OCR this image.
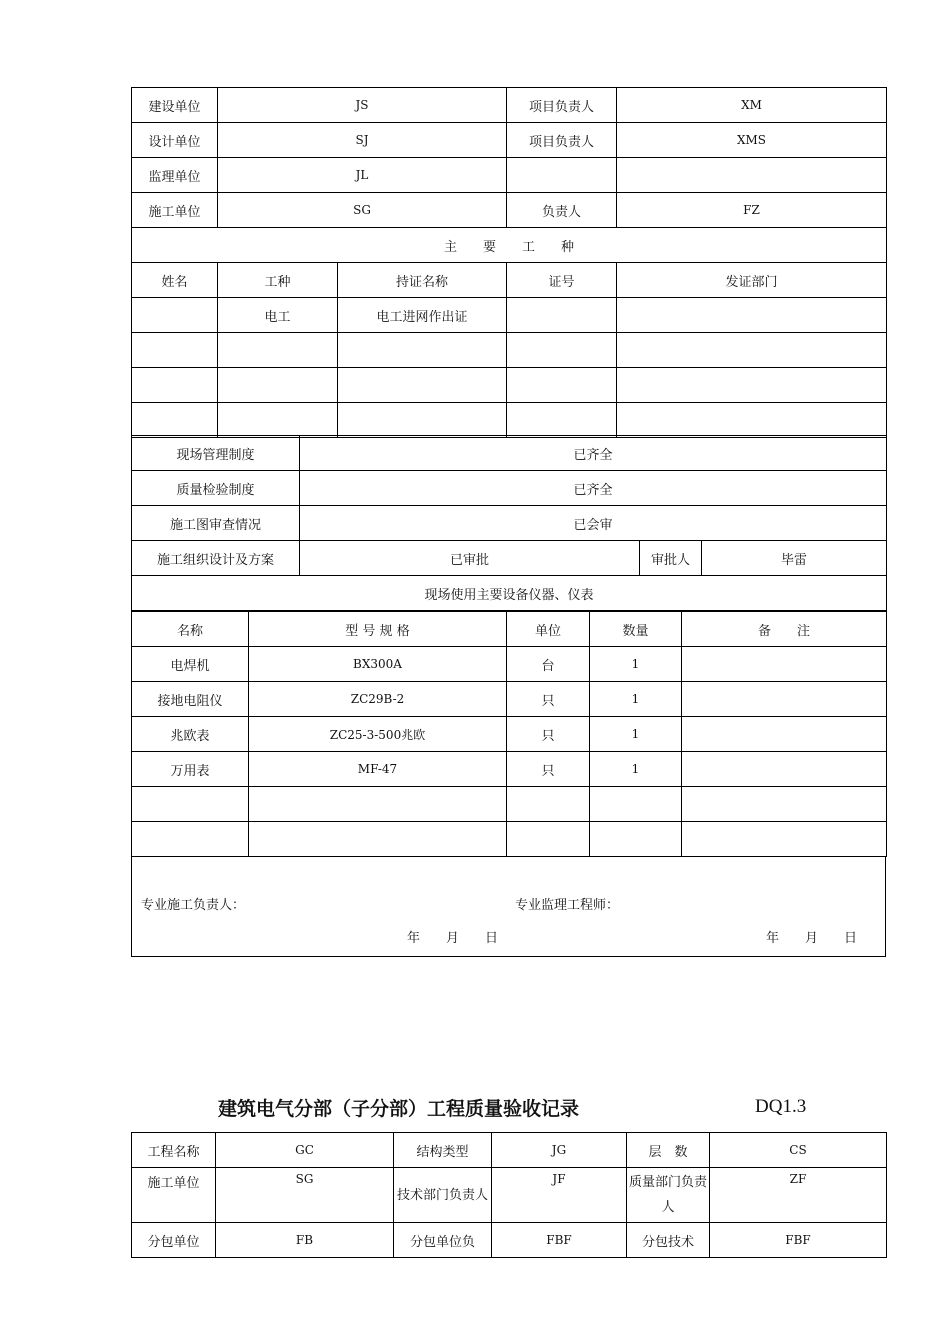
建设单位	JS		项目负责人	XM
设计单位	SJ		项目负责人	XMS
监理单位	JL			
施工单位	SG		负责人	FZ
主　　要　　工　　种				
姓名	工种	持证名称	证号	发证部门
	电工	电工进网作出证		

现场管理制度	已齐全		
质量检验制度	已齐全		
施工图审查情况	已会审		
施工组织设计及方案	已审批	审批人	毕雷
现场使用主要设备仪器、仪表			
名称	型 号 规 格	单位	数量	备　　注
电焊机	BX300A	台	1	
接地电阻仪	ZC29B-2	只	1	
兆欧表	ZC25-3-500兆欧	只	1	
万用表	MF-47	只	1	

专业施工负责人：	专业监理工程师：
年　　月　　日	年　　月　　日
建筑电气分部（子分部）工程质量验收记录	DQ1.3
工程名称	GC	结构类型	JG	层　数	CS
施工单位	SG	技术部门负责人	JF	质量部门负责人	ZF
分包单位	FB	分包单位负	FBF	分包技术	FBF
